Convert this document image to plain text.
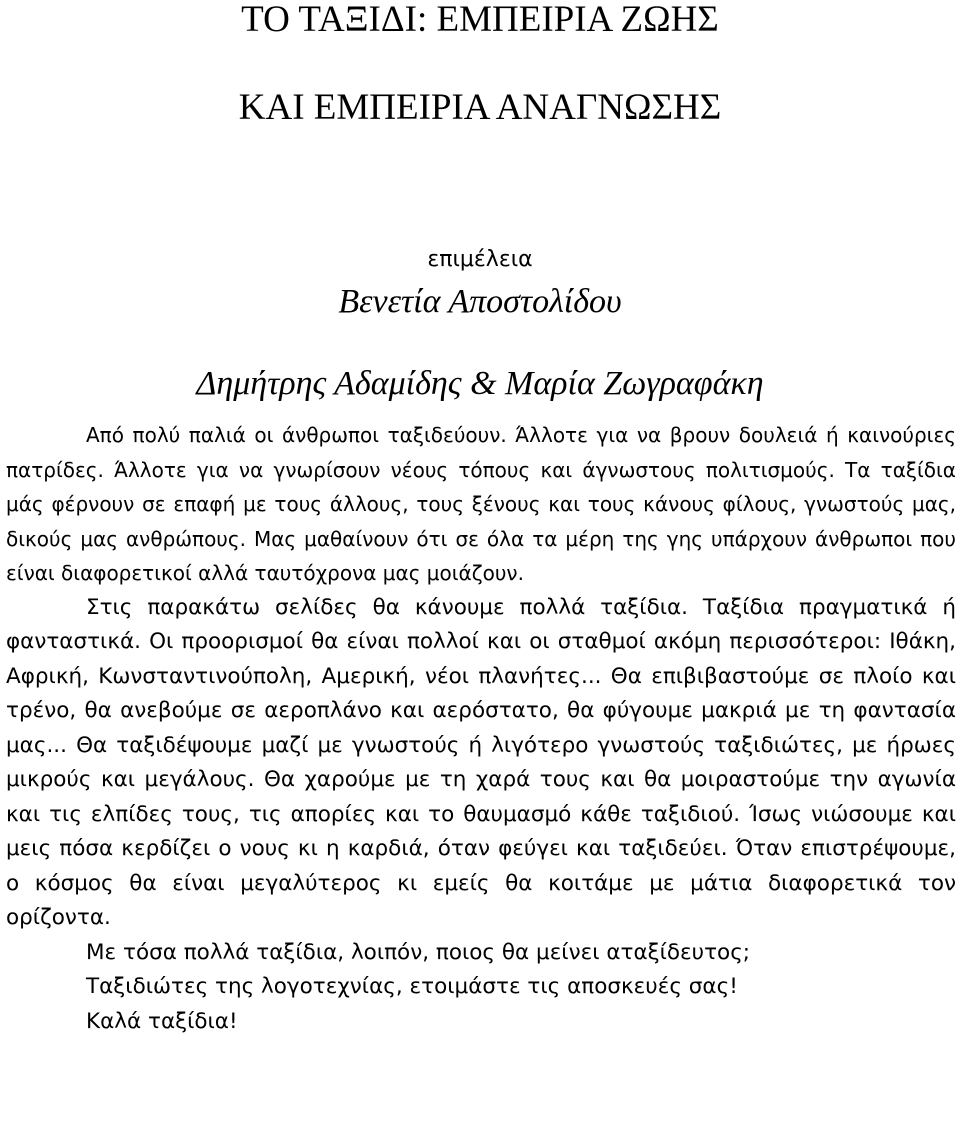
ΤΟ ΤΑΞΙΔΙ: ΕΜΠΕΙΡΙΑ ΖΩΗΣ
ΚΑΙ ΕΜΠΕΙΡΙΑ ΑΝΑΓΝΩΣΗΣ
επιμέλεια
Βενετία Αποστολίδου
Δημήτρης Αδαμίδης & Μαρία Ζωγραφάκη

Από πολύ παλιά οι άνθρωποι ταξιδεύουν. Άλλοτε για να βρουν δουλειά ή καινούριες πατρίδες. Άλλοτε για να γνωρίσουν νέους τόπους και άγνωστους πολιτισμούς. Τα ταξίδια μάς φέρνουν σε επαφή με τους άλλους, τους ξένους και τους κάνους φίλους, γνωστούς μας, δικούς μας ανθρώπους. Μας μαθαίνουν ότι σε όλα τα μέρη της γης υπάρχουν άνθρωποι που είναι διαφορετικοί αλλά ταυτόχρονα μας μοιάζουν.

Στις παρακάτω σελίδες θα κάνουμε πολλά ταξίδια. Ταξίδια πραγματικά ή φανταστικά. Οι προορισμοί θα είναι πολλοί και οι σταθμοί ακόμη περισσότεροι: Ιθάκη, Αφρική, Κωνσταντινούπολη, Αμερική, νέοι πλανήτες... Θα επιβιβαστούμε σε πλοίο και τρένο, θα ανεβούμε σε αεροπλάνο και αερόστατο, θα φύγουμε μακριά με τη φαντασία μας... Θα ταξιδέψουμε μαζί με γνωστούς ή λιγότερο γνωστούς ταξιδιώτες, με ήρωες μικρούς και μεγάλους. Θα χαρούμε με τη χαρά τους και θα μοιραστούμε την αγωνία και τις ελπίδες τους, τις απορίες και το θαυμασμό κάθε ταξιδιού. Ίσως νιώσουμε και μεις πόσα κερδίζει ο νους κι η καρδιά, όταν φεύγει και ταξιδεύει. Όταν επιστρέψουμε, ο κόσμος θα είναι μεγαλύτερος κι εμείς θα κοιτάμε με μάτια διαφορετικά τον ορίζοντα.

Με τόσα πολλά ταξίδια, λοιπόν, ποιος θα μείνει αταξίδευτος;

Ταξιδιώτες της λογοτεχνίας, ετοιμάστε τις αποσκευές σας!

Καλά ταξίδια!
